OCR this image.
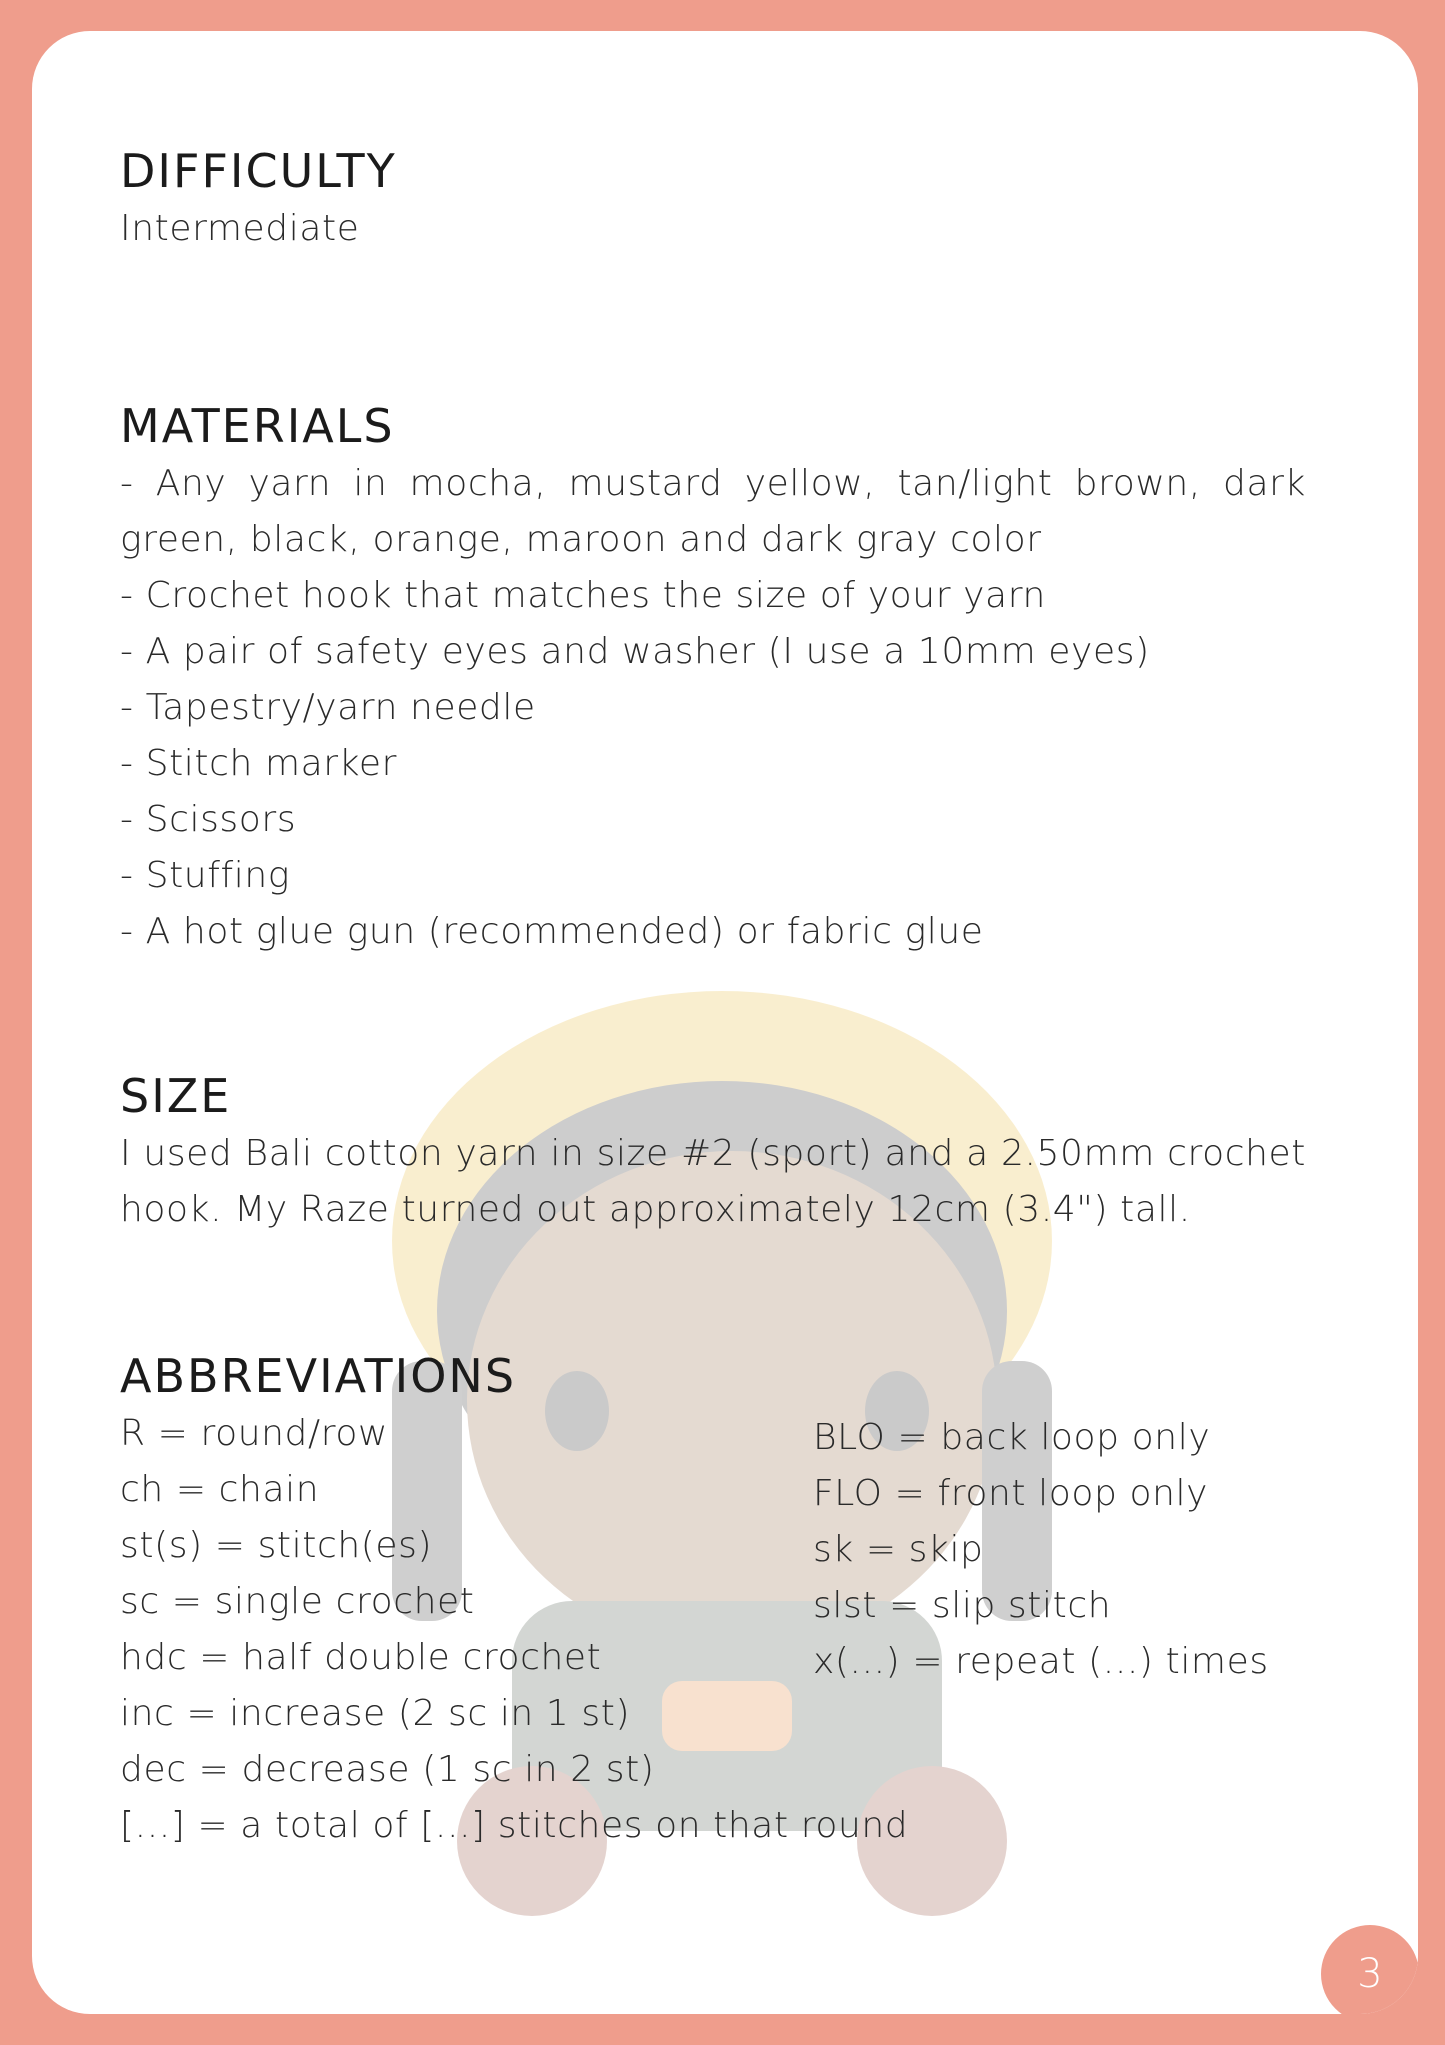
DIFFICULTY
Intermediate
MATERIALS
- Any yarn in mocha, mustard yellow, tan/light brown, dark green, black, orange, maroon and dark gray color
- Crochet hook that matches the size of your yarn
- A pair of safety eyes and washer (I use a 10mm eyes)
- Tapestry/yarn needle
- Stitch marker
- Scissors
- Stuffing
- A hot glue gun (recommended) or fabric glue
SIZE

I used Bali cotton yarn in size #2 (sport) and a 2.50mm crochet hook. My Raze turned out approximately 12cm (3.4") tall.

ABBREVIATIONS
R = round/row
ch = chain
st(s) = stitch(es)
sc = single crochet
hdc = half double crochet
inc = increase (2 sc in 1 st)
dec = decrease (1 sc in 2 st)
[...] = a total of [...] stitches on that round
BLO = back loop only
FLO = front loop only
sk = skip
slst = slip stitch
x(...) = repeat (...) times
3
